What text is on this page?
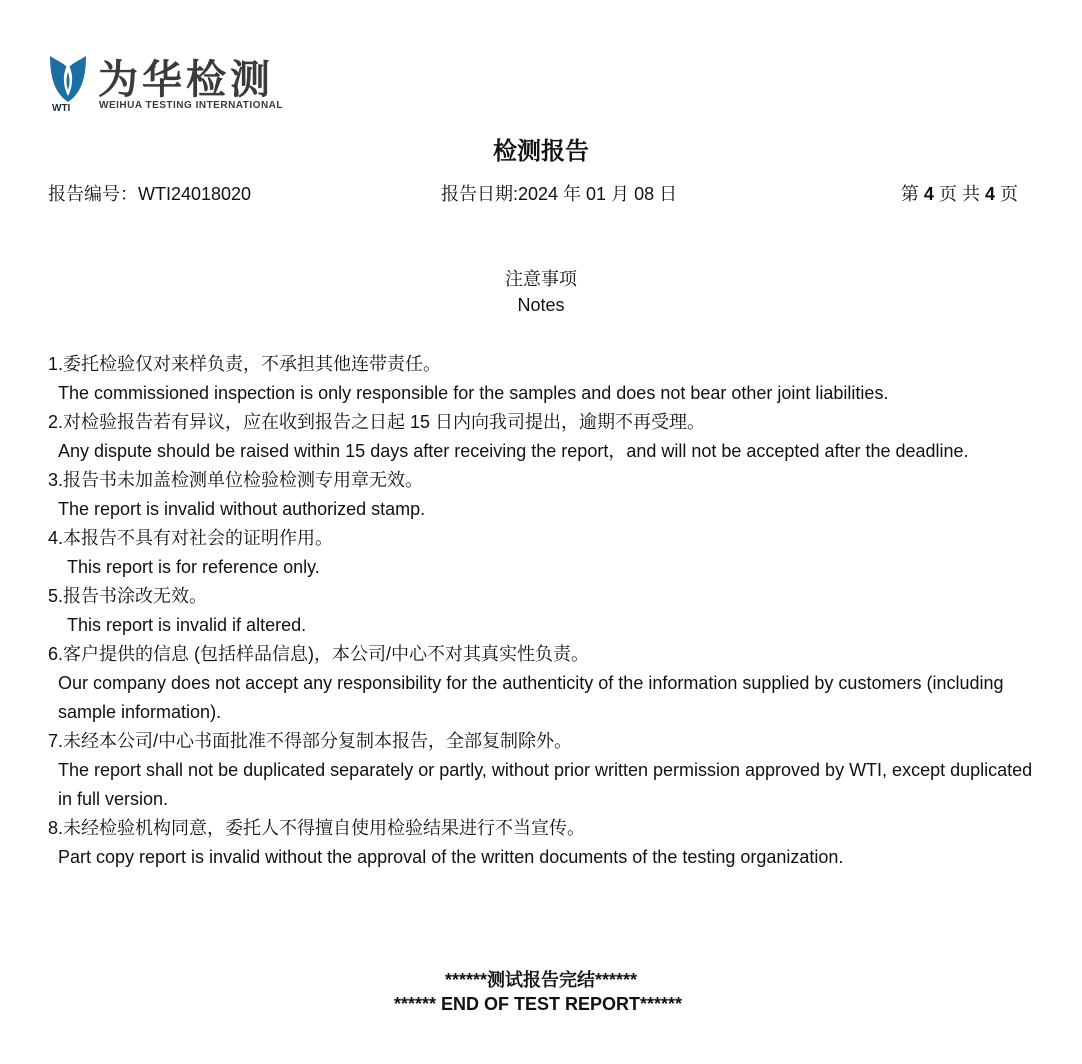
WTI
为华检测
WEIHUA TESTING INTERNATIONAL
检测报告
报告编号：WTI24018020	报告日期:2024 年 01 月 08 日	第 4 页 共 4 页
注意事项
Notes
1.委托检验仅对来样负责，不承担其他连带责任。
The commissioned inspection is only responsible for the samples and does not bear other joint liabilities.
2.对检验报告若有异议，应在收到报告之日起 15 日内向我司提出，逾期不再受理。
Any dispute should be raised within 15 days after receiving the report，and will not be accepted after the deadline.
3.报告书未加盖检测单位检验检测专用章无效。
The report is invalid without authorized stamp.
4.本报告不具有对社会的证明作用。
This report is for reference only.
5.报告书涂改无效。
This report is invalid if altered.
6.客户提供的信息 (包括样品信息)，本公司/中心不对其真实性负责。
Our company does not accept any responsibility for the authenticity of the information supplied by customers (including sample information).
7.未经本公司/中心书面批准不得部分复制本报告，全部复制除外。
The report shall not be duplicated separately or partly, without prior written permission approved by WTI, except duplicated in full version.
8.未经检验机构同意，委托人不得擅自使用检验结果进行不当宣传。
Part copy report is invalid without the approval of the written documents of the testing organization.
******测试报告完结******
****** END OF TEST REPORT******
